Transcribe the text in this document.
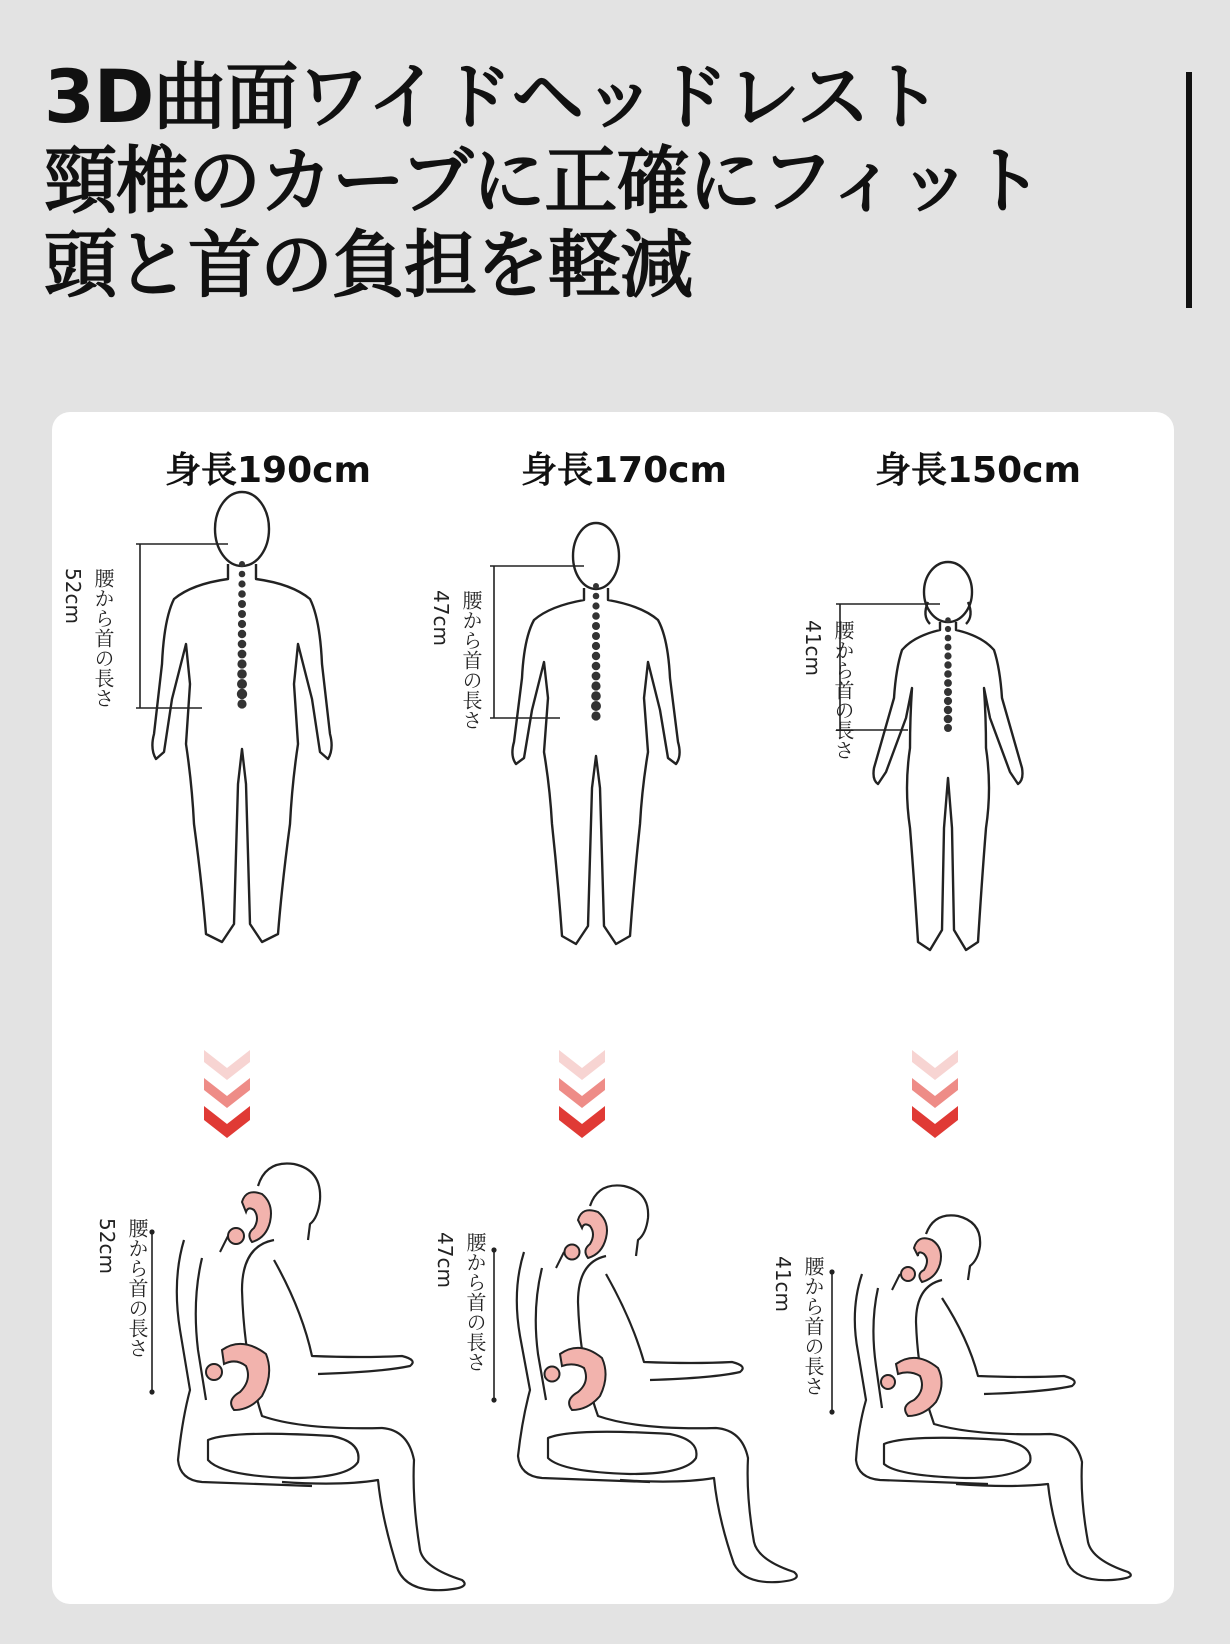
3D曲面ワイドヘッドレスト
頸椎のカーブに正確にフィット
頭と首の負担を軽減
身長190cm	身長170cm	身長150cm
52cm 腰から首の長さ	47cm 腰から首の長さ	41cm 腰から首の長さ
52cm 腰から首の長さ	47cm 腰から首の長さ	41cm 腰から首の長さ
